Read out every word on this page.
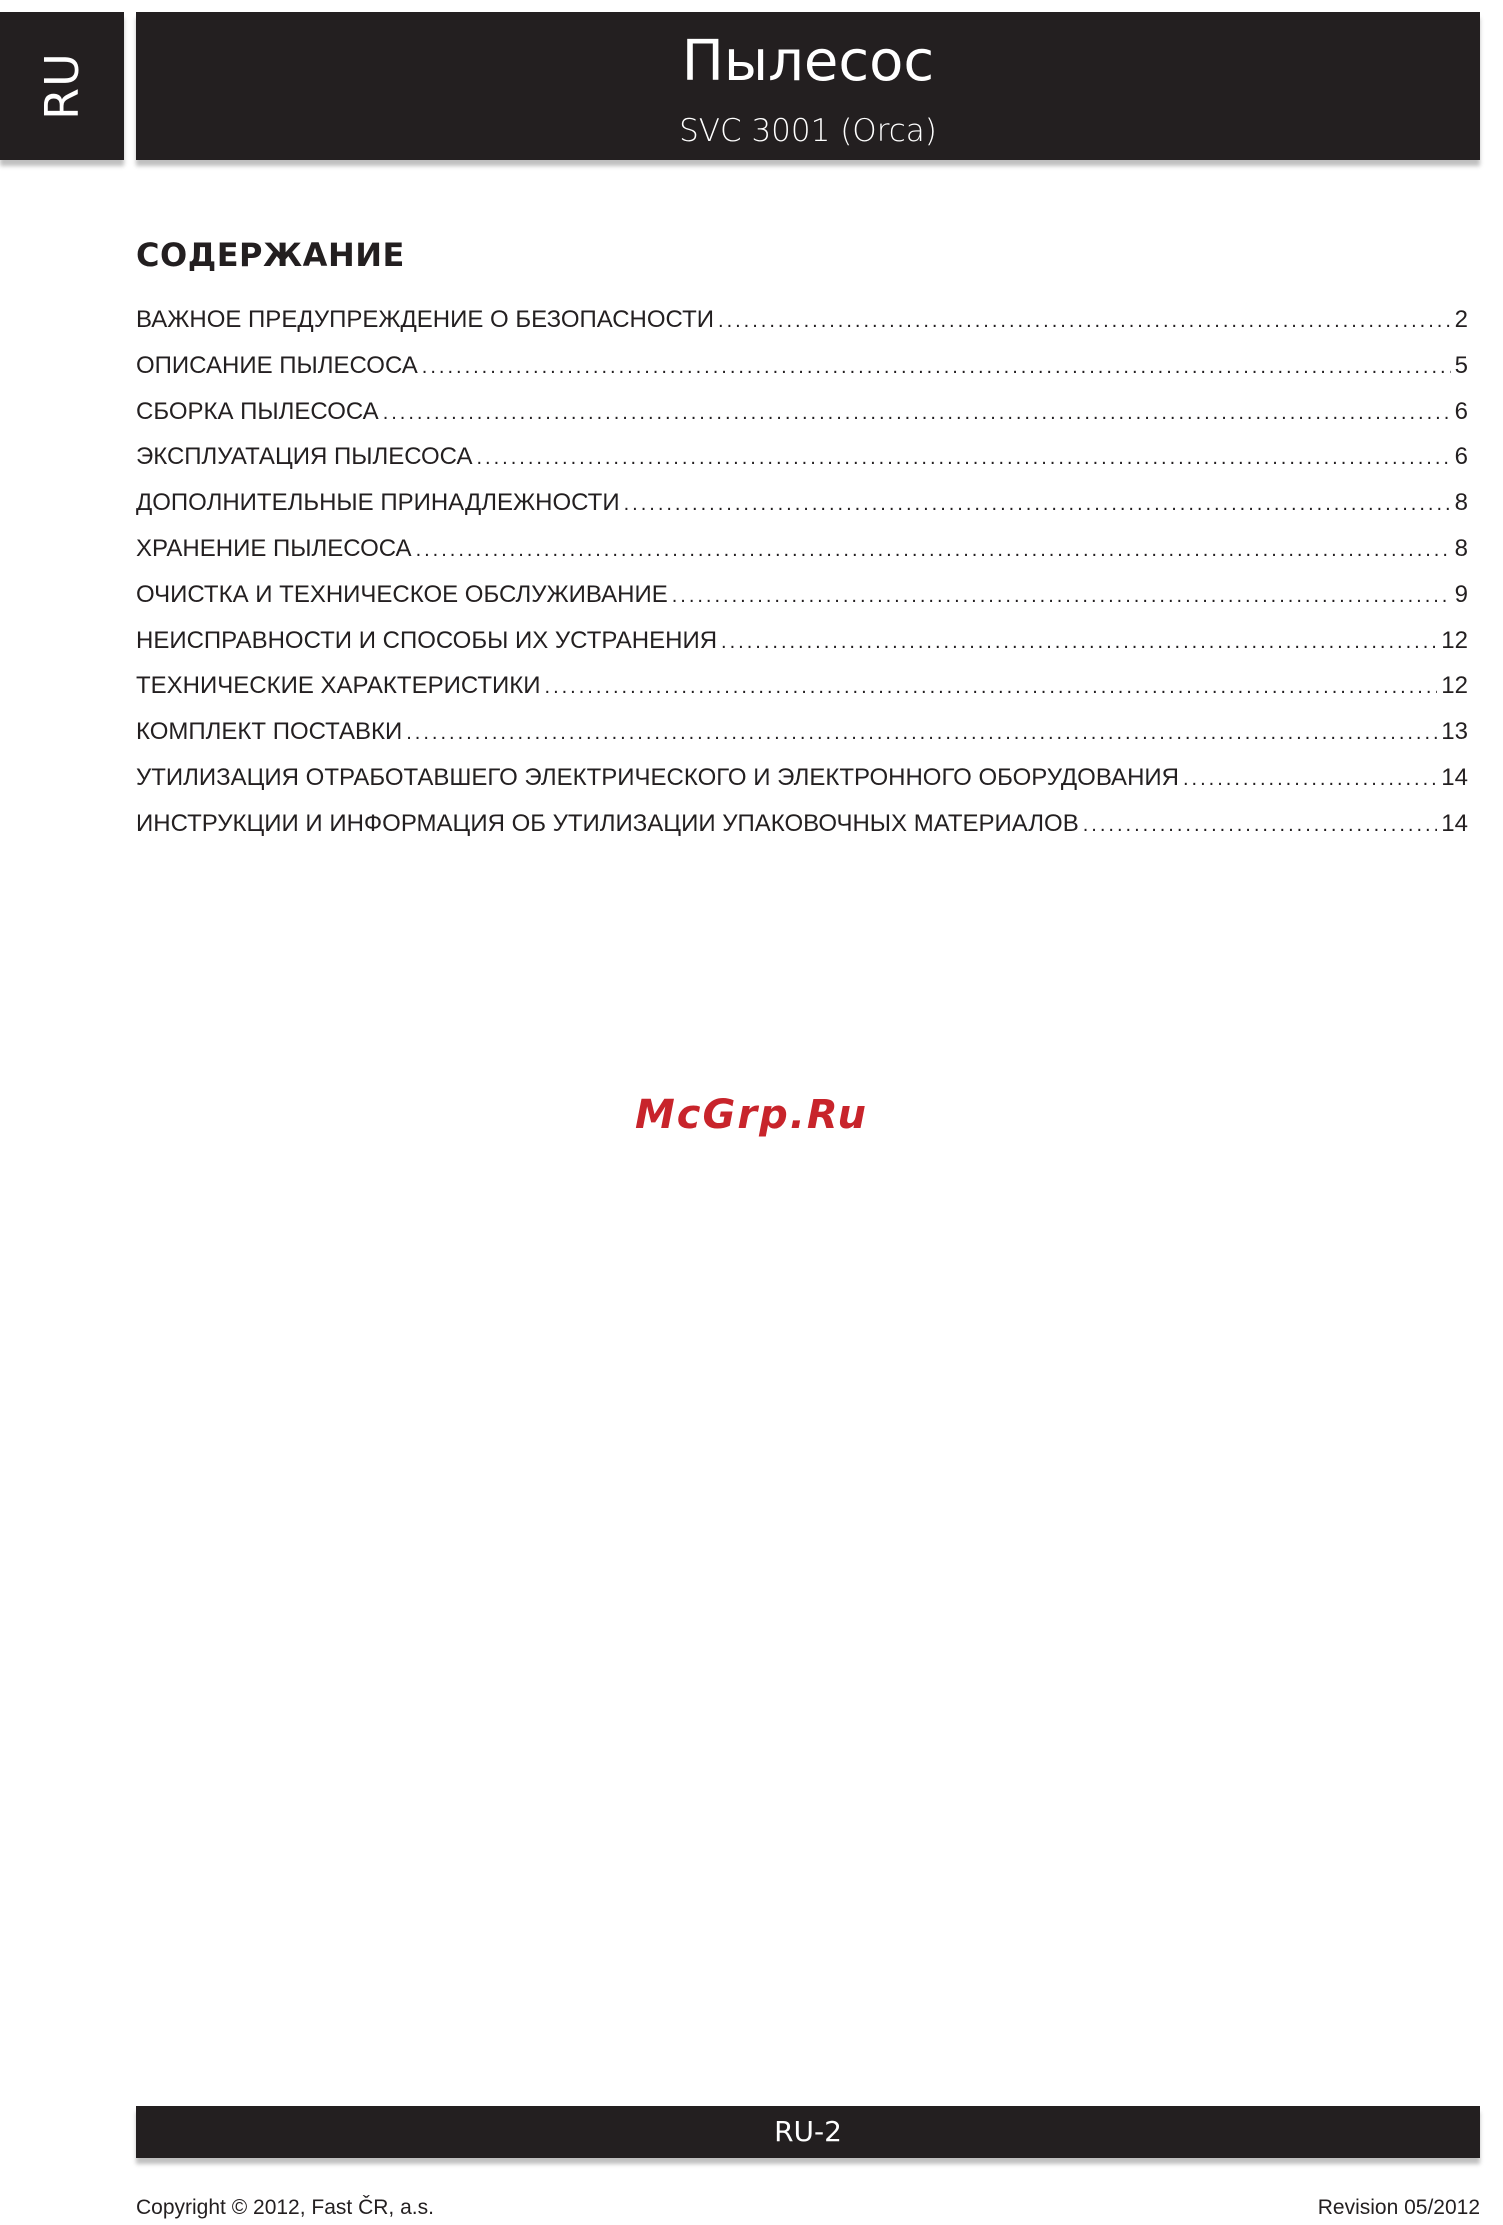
RU	Пылесос
SVC 3001 (Orca)
СОДЕРЖАНИЕ
ВАЖНОЕ ПРЕДУПРЕЖДЕНИЕ О БЕЗОПАСНОСТИ .....	2
ОПИСАНИЕ ПЫЛЕСОСА .....	5
СБОРКА ПЫЛЕСОСА .....	6
ЭКСПЛУАТАЦИЯ ПЫЛЕСОСА .....	6
ДОПОЛНИТЕЛЬНЫЕ ПРИНАДЛЕЖНОСТИ .....	8
ХРАНЕНИЕ ПЫЛЕСОСА .....	8
ОЧИСТКА И ТЕХНИЧЕСКОЕ ОБСЛУЖИВАНИЕ .....	9
НЕИСПРАВНОСТИ И СПОСОБЫ ИХ УСТРАНЕНИЯ .....	12
ТЕХНИЧЕСКИЕ ХАРАКТЕРИСТИКИ .....	12
КОМПЛЕКТ ПОСТАВКИ .....	13
УТИЛИЗАЦИЯ ОТРАБОТАВШЕГО ЭЛЕКТРИЧЕСКОГО И ЭЛЕКТРОННОГО ОБОРУДОВАНИЯ .....	14
ИНСТРУКЦИИ И ИНФОРМАЦИЯ ОБ УТИЛИЗАЦИИ УПАКОВОЧНЫХ МАТЕРИАЛОВ .....	14
McGrp.Ru
RU-2
Copyright © 2012, Fast ČR, a.s.	Revision 05/2012
